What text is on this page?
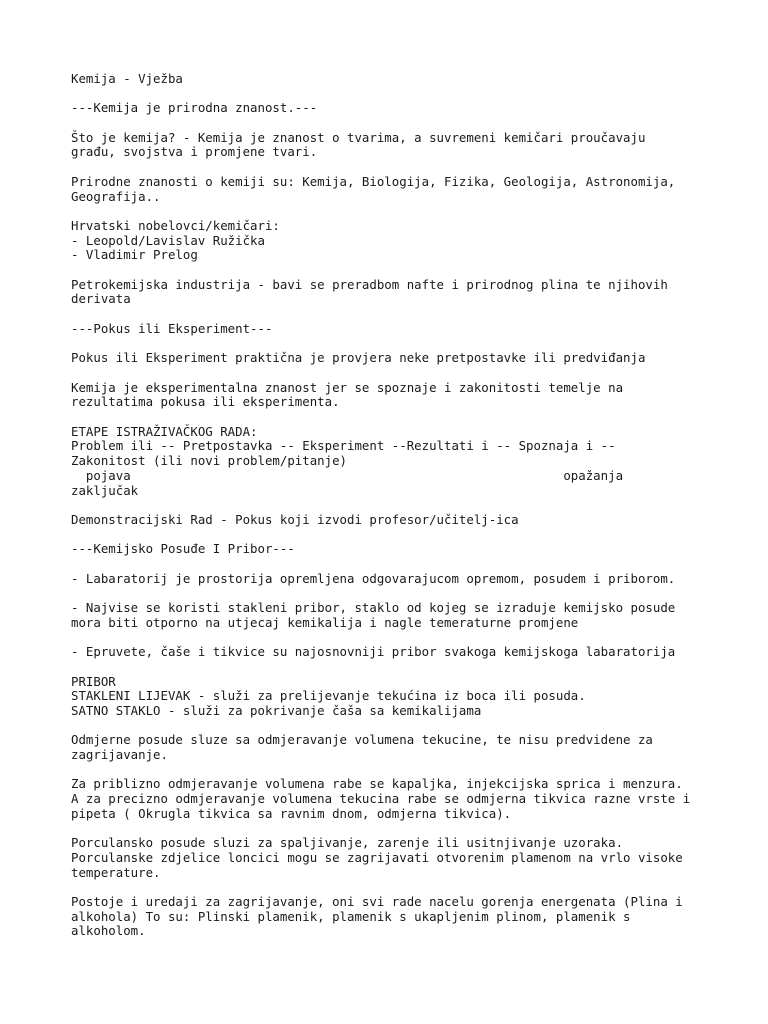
Kemija - Vježba
---Kemija je prirodna znanost.---
Što je kemija? - Kemija je znanost o tvarima, a suvremeni kemičari proučavaju
građu, svojstva i promjene tvari.
Prirodne znanosti o kemiji su: Kemija, Biologija, Fizika, Geologija, Astronomija,
Geografija..
Hrvatski nobelovci/kemičari:
- Leopold/Lavislav Ružička
- Vladimir Prelog
Petrokemijska industrija - bavi se preradbom nafte i prirodnog plina te njihovih
derivata
---Pokus ili Eksperiment---
Pokus ili Eksperiment praktična je provjera neke pretpostavke ili predviđanja
Kemija je eksperimentalna znanost jer se spoznaje i zakonitosti temelje na
rezultatima pokusa ili eksperimenta.
ETAPE ISTRAŽIVAČKOG RADA:
Problem ili -- Pretpostavka -- Eksperiment --Rezultati i -- Spoznaja i --
Zakonitost (ili novi problem/pitanje)
pojava                                                          opažanja
zaključak
Demonstracijski Rad - Pokus koji izvodi profesor/učitelj-ica
---Kemijsko Posuđe I Pribor---
- Labaratorij je prostorija opremljena odgovarajucom opremom, posudem i priborom.
- Najvise se koristi stakleni pribor, staklo od kojeg se izraduje kemijsko posude
mora biti otporno na utjecaj kemikalija i nagle temeraturne promjene
- Epruvete, čaše i tikvice su najosnovniji pribor svakoga kemijskoga labaratorija
PRIBOR
STAKLENI LIJEVAK - služi za prelijevanje tekućina iz boca ili posuda.
SATNO STAKLO - služi za pokrivanje čaša sa kemikalijama
Odmjerne posude sluze sa odmjeravanje volumena tekucine, te nisu predvidene za
zagrijavanje.
Za priblizno odmjeravanje volumena rabe se kapaljka, injekcijska sprica i menzura.
A za precizno odmjeravanje volumena tekucina rabe se odmjerna tikvica razne vrste i
pipeta ( Okrugla tikvica sa ravnim dnom, odmjerna tikvica).
Porculansko posude sluzi za spaljivanje, zarenje ili usitnjivanje uzoraka.
Porculanske zdjelice loncici mogu se zagrijavati otvorenim plamenom na vrlo visoke
temperature.
Postoje i uredaji za zagrijavanje, oni svi rade nacelu gorenja energenata (Plina i
alkohola) To su: Plinski plamenik, plamenik s ukapljenim plinom, plamenik s
alkoholom.
